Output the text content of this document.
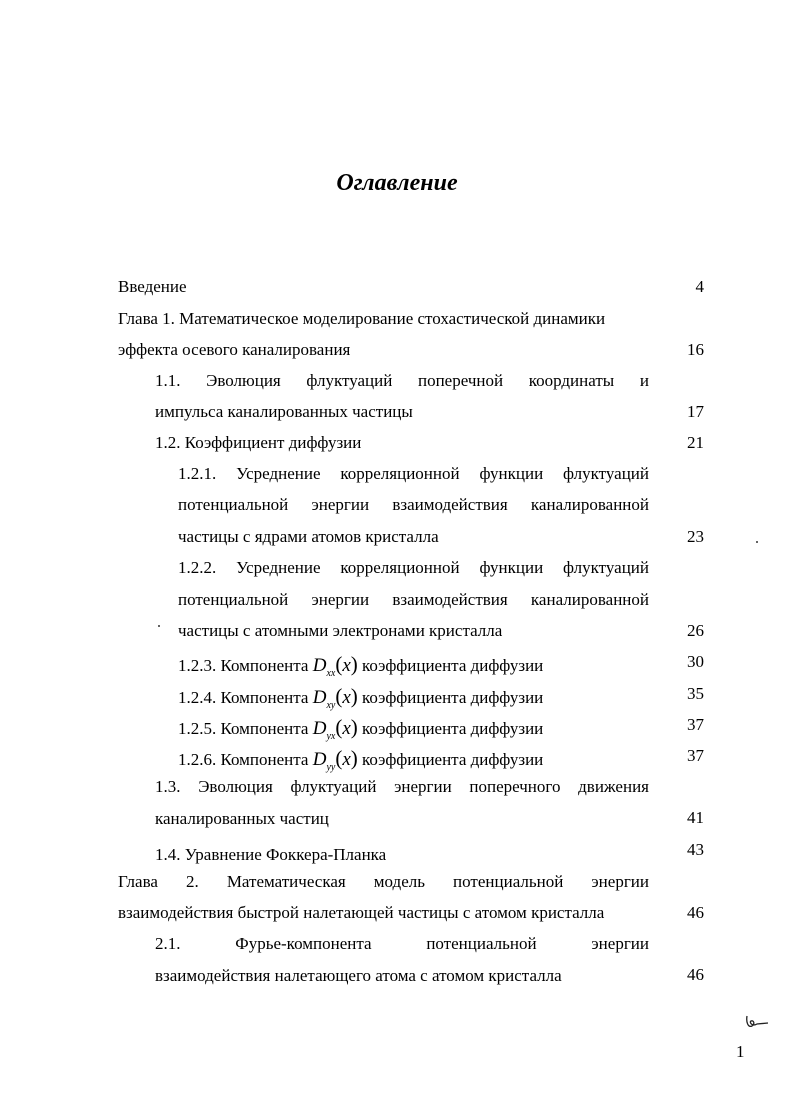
Оглавление
Введение	4
Глава 1. Математическое моделирование стохастической динамики
эффекта осевого каналирования	16
1.1. Эволюция флуктуаций поперечной координаты и
импульса каналированных частицы	17
1.2. Коэффициент диффузии	21
1.2.1. Усреднение корреляционной функции флуктуаций
потенциальной энергии взаимодействия каналированной
частицы с ядрами атомов кристалла	23
1.2.2. Усреднение корреляционной функции флуктуаций
потенциальной энергии взаимодействия каналированной
частицы с атомными электронами кристалла	26
1.2.3. Компонента $D_{xx}(x)$ коэффициента диффузии	30
1.2.4. Компонента $D_{xy}(x)$ коэффициента диффузии	35
1.2.5. Компонента $D_{yx}(x)$ коэффициента диффузии	37
1.2.6. Компонента $D_{yy}(x)$ коэффициента диффузии	37
1.3. Эволюция флуктуаций энергии поперечного движения
каналированных частиц	41
1.4. Уравнение Фоккера-Планка	43
Глава 2. Математическая модель потенциальной энергии
взаимодействия быстрой налетающей частицы с атомом кристалла	46
2.1.	Фурье-компонента	потенциальной	энергии
взаимодействия налетающего атома с атомом кристалла	46
1
